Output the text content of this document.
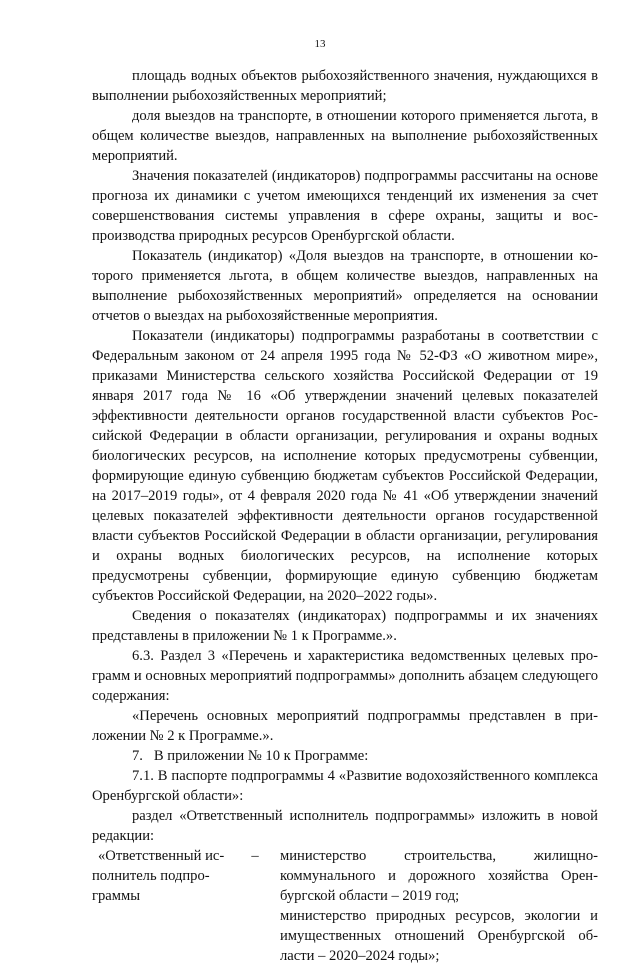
13

площадь водных объектов рыбохозяйственного значения, нуждающихся в выполнении рыбохозяйственных мероприятий;

доля выездов на транспорте, в отношении которого применяется льгота, в общем количестве выездов, направленных на выполнение рыбохозяйственных мероприятий.

Значения показателей (индикаторов) подпрограммы рассчитаны на основе прогноза их динамики с учетом имеющихся тенденций их изменения за счет совершенствования системы управления в сфере охраны, защиты и воспроизводства природных ресурсов Оренбургской области.

Показатель (индикатор) «Доля выездов на транспорте, в отношении которого применяется льгота, в общем количестве выездов, направленных на выполнение рыбохозяйственных мероприятий» определяется на основании отчетов о выездах на рыбохозяйственные мероприятия.

Показатели (индикаторы) подпрограммы разработаны в соответствии с Федеральным законом от 24 апреля 1995 года № 52-ФЗ «О животном мире», приказами Министерства сельского хозяйства Российской Федерации от 19 января 2017 года № 16 «Об утверждении значений целевых показателей эффективности деятельности органов государственной власти субъектов Российской Федерации в области организации, регулирования и охраны водных биологических ресурсов, на исполнение которых предусмотрены субвенции, формирующие единую субвенцию бюджетам субъектов Российской Федерации, на 2017–2019 годы», от 4 февраля 2020 года № 41 «Об утверждении значений целевых показателей эффективности деятельности органов государственной власти субъектов Российской Федерации в области организации, регулирования и охраны водных биологических ресурсов, на исполнение которых предусмотрены субвенции, формирующие единую субвенцию бюджетам субъектов Российской Федерации, на 2020–2022 годы».

Сведения о показателях (индикаторах) подпрограммы и их значениях представлены в приложении № 1 к Программе.».

6.3. Раздел 3 «Перечень и характеристика ведомственных целевых программ и основных мероприятий подпрограммы» дополнить абзацем следующего содержания:

«Перечень основных мероприятий подпрограммы представлен в приложении № 2 к Программе.».

7.   В приложении № 10 к Программе:

7.1. В паспорте подпрограммы 4 «Развитие водохозяйственного комплекса Оренбургской области»:

раздел «Ответственный исполнитель подпрограммы» изложить в новой редакции:

«Ответственный исполнитель подпрограммы
–	министерство строительства, жилищно-коммунального и дорожного хозяйства Оренбургской области – 2019 год;
министерство природных ресурсов, экологии и имущественных отношений Оренбургской области – 2020–2024 годы»;
